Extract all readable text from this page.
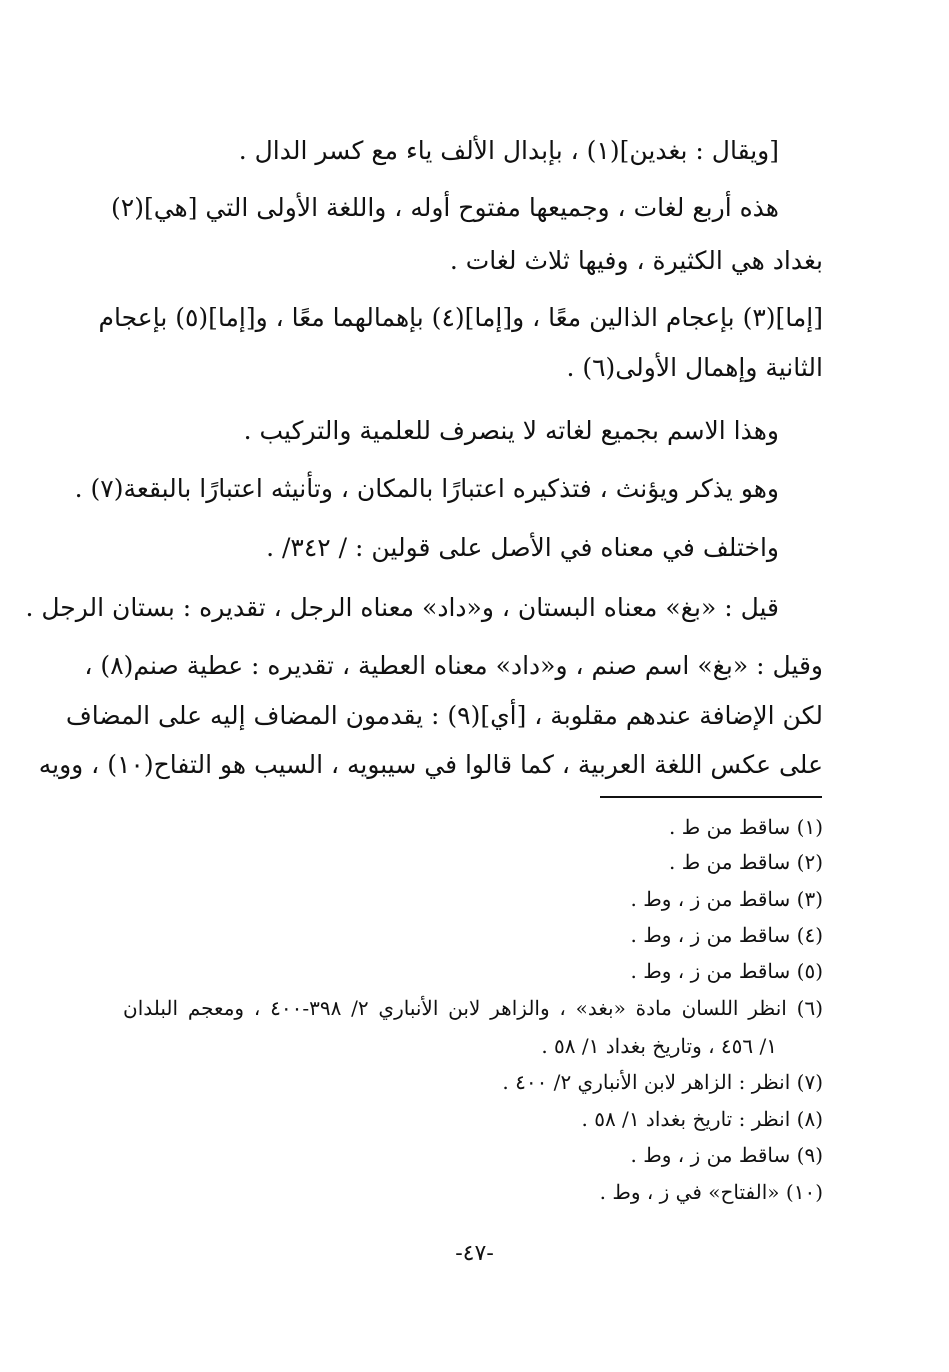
[ويقال : بغدين](١) ، بإبدال الألف ياء مع كسر الدال .
هذه أربع لغات ، وجميعها مفتوح أوله ، واللغة الأولى التي [هي](٢)
بغداد هي الكثيرة ، وفيها ثلاث لغات .
[إما](٣) بإعجام الذالين معًا ، و[إما](٤) بإهمالهما معًا ، و[إما](٥) بإعجام
الثانية وإهمال الأولى(٦) .
وهذا الاسم بجميع لغاته لا ينصرف للعلمية والتركيب .
وهو يذكر ويؤنث ، فتذكيره اعتبارًا بالمكان ، وتأنيثه اعتبارًا بالبقعة(٧) .
واختلف في معناه في الأصل على قولين : / ٣٤٢/ .
قيل : «بغ» معناه البستان ، و«داد» معناه الرجل ، تقديره : بستان الرجل .
وقيل : «بغ» اسم صنم ، و«داد» معناه العطية ، تقديره : عطية صنم(٨) ،
لكن الإضافة عندهم مقلوبة ، [أي](٩) : يقدمون المضاف إليه على المضاف
على عكس اللغة العربية ، كما قالوا في سيبويه ، السيب هو التفاح(١٠) ، وويه
(١) ساقط من ط .
(٢) ساقط من ط .
(٣) ساقط من ز ، وط .
(٤) ساقط من ز ، وط .
(٥) ساقط من ز ، وط .
(٦) انظر اللسان مادة «بغد» ، والزاهر لابن الأنباري ٢/ ٣٩٨-٤٠٠ ، ومعجم البلدان
١/ ٤٥٦ ، وتاريخ بغداد ١/ ٥٨ .
(٧) انظر : الزاهر لابن الأنباري ٢/ ٤٠٠ .
(٨) انظر : تاريخ بغداد ١/ ٥٨ .
(٩) ساقط من ز ، وط .
(١٠) «الفتاح» في ز ، وط .
-٤٧-
